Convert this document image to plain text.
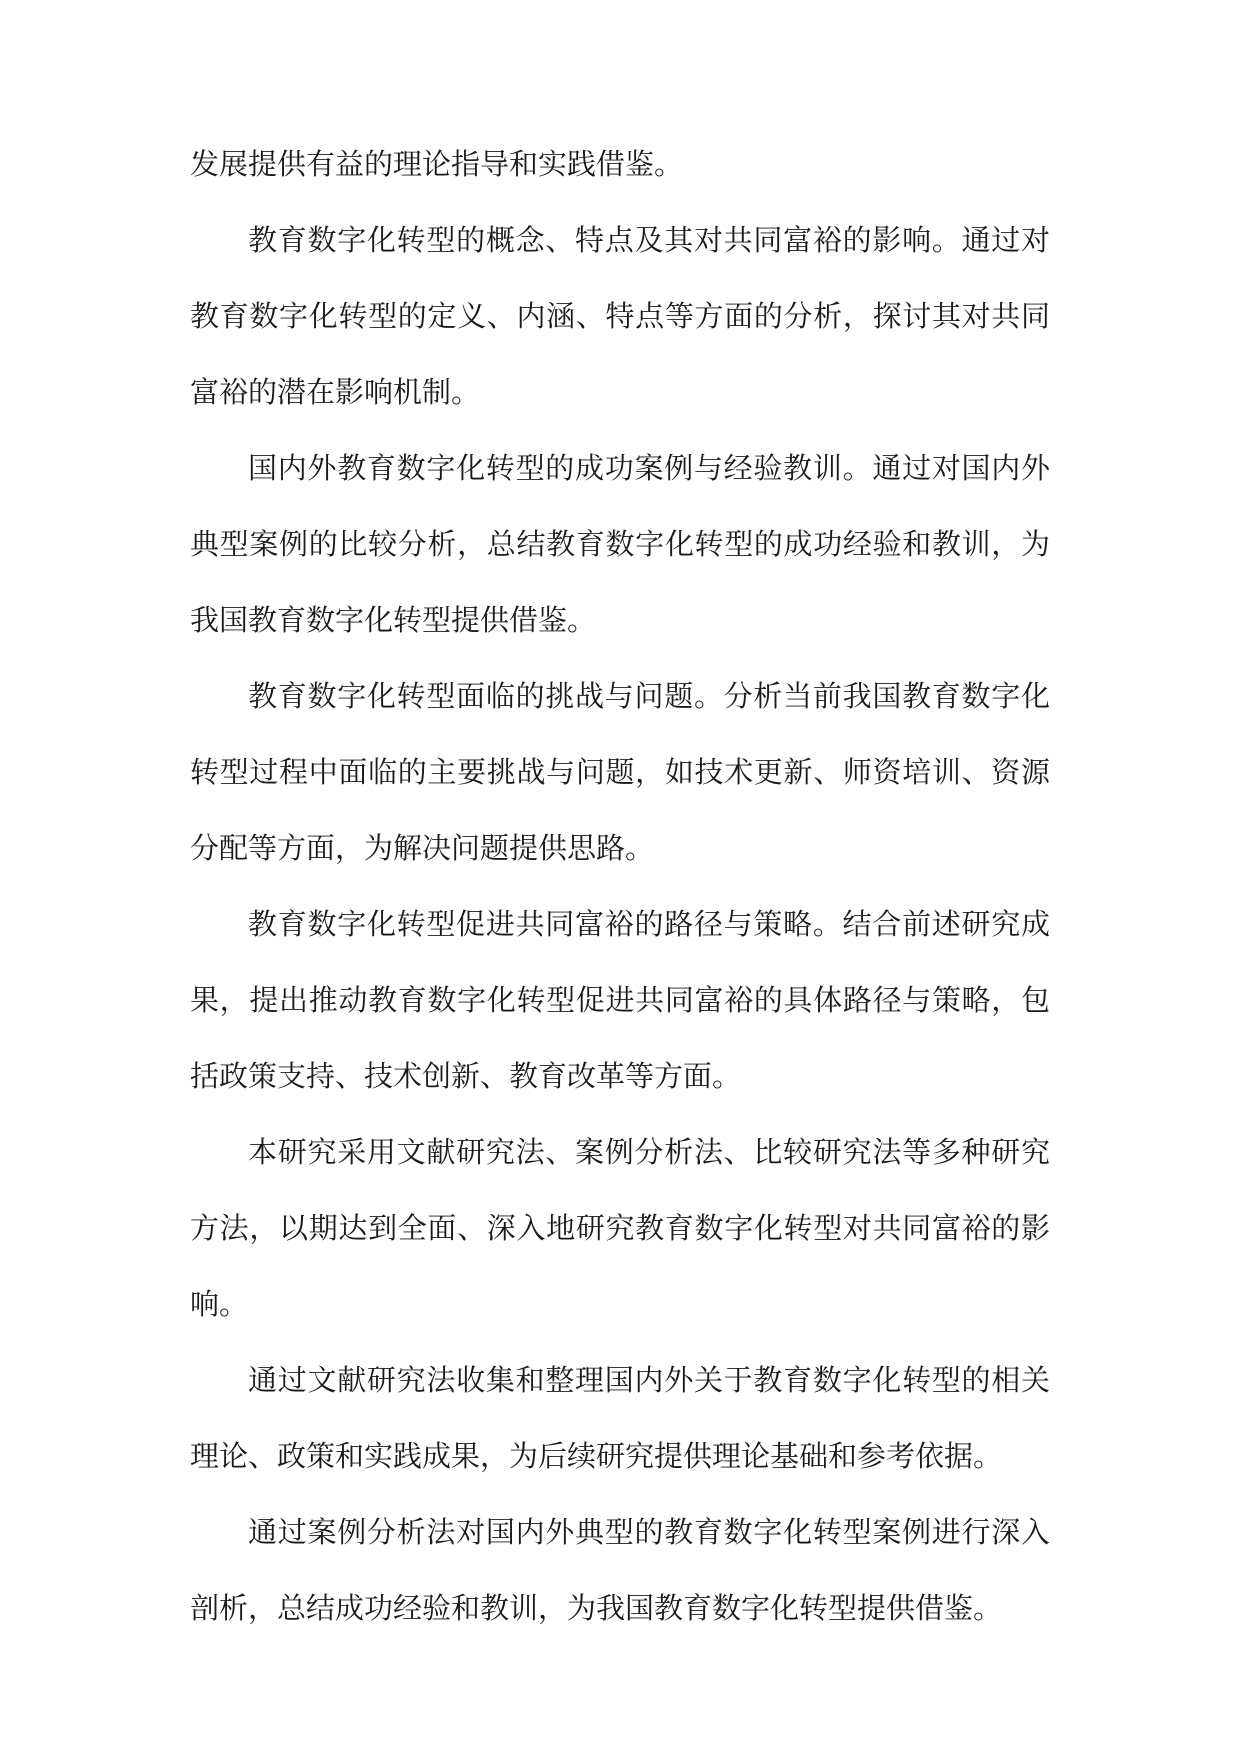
发展提供有益的理论指导和实践借鉴。

教育数字化转型的概念、特点及其对共同富裕的影响。通过对教育数字化转型的定义、内涵、特点等方面的分析，探讨其对共同富裕的潜在影响机制。

国内外教育数字化转型的成功案例与经验教训。通过对国内外典型案例的比较分析，总结教育数字化转型的成功经验和教训，为我国教育数字化转型提供借鉴。

教育数字化转型面临的挑战与问题。分析当前我国教育数字化转型过程中面临的主要挑战与问题，如技术更新、师资培训、资源分配等方面，为解决问题提供思路。

教育数字化转型促进共同富裕的路径与策略。结合前述研究成果，提出推动教育数字化转型促进共同富裕的具体路径与策略，包括政策支持、技术创新、教育改革等方面。

本研究采用文献研究法、案例分析法、比较研究法等多种研究方法，以期达到全面、深入地研究教育数字化转型对共同富裕的影响。

通过文献研究法收集和整理国内外关于教育数字化转型的相关理论、政策和实践成果，为后续研究提供理论基础和参考依据。

通过案例分析法对国内外典型的教育数字化转型案例进行深入剖析，总结成功经验和教训，为我国教育数字化转型提供借鉴。
